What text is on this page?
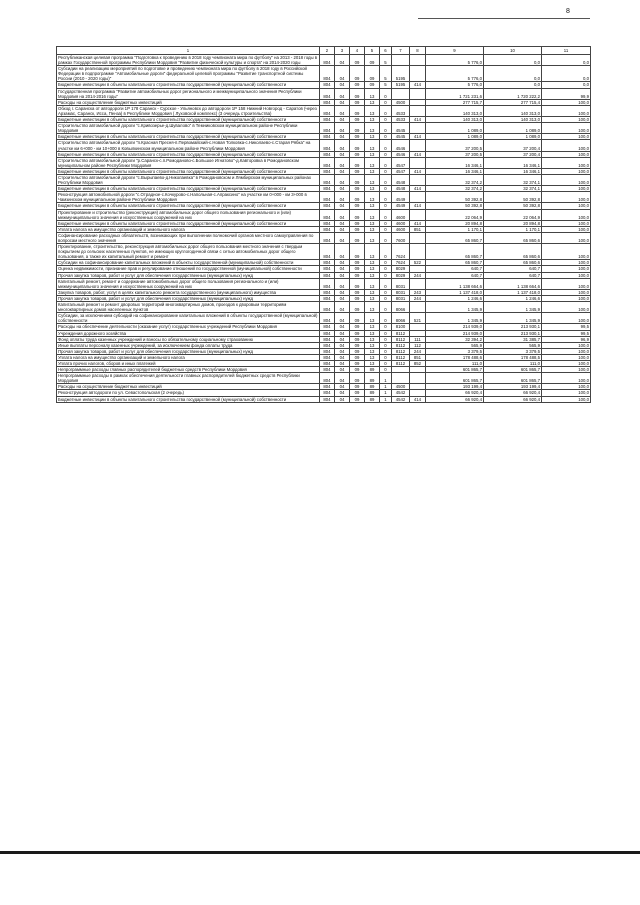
8
1	2	3	4	5	6	7	8	9	10	11
Республиканская целевая программа "Подготовка к проведению в 2018 году чемпионата мира по футболу" на 2013 - 2018 годы в рамках Государственной программы Республики Мордовия "Развитие физической культуры и спорта" на 2014-2020 годы	804	04	09	09	5			5 776,0	0,0	0,0
Субсидии на реализацию мероприятий по подготовке и проведению чемпионата мира по футболу в 2018 году в Российской Федерации в подпрограмме "Автомобильные дороги" федеральной целевой программы "Развитие транспортной системы России (2010 - 2020 годы)"	804	04	09	09	5	5195		5 776,0	0,0	0,0
Бюджетные инвестиции в объекты капитального строительства государственной (муниципальной) собственности	804	04	09	09	5	5195	414	5 776,0	0,0	0,0
Государственная программа "Развитие автомобильных дорог регионального и межмуниципального значения Республики Мордовия на 2014-2016 годы"	804	04	09	13	0			1 721 231,6	1 720 222,2	99,9
Расходы на осуществление бюджетных инвестиций	804	04	09	13	0	4500		277 715,7	277 715,4	100,0
Обход г. Саранска от автодороги 1Р 178 Саранск - Сурское - Ульяновск до автодороги 1Р 158 Нижний Новгород - Саратов (через Арзамас, Саранск, Исса, Пенза) в Республике Мордовия ( Луховской комплекс) (3 очередь строительства)	804	04	09	13	0	4533		140 313,0	140 313,0	100,0
Бюджетные инвестиции в объекты капитального строительства государственной (муниципальной) собственности	804	04	09	13	0	4533	414	140 313,0	140 313,0	100,0
Строительство автомобильной дороги "с.Кривозерье-д.Шувалово" в Темниковском муниципальном районе Республики Мордовия	804	04	09	13	0	4545		1 089,0	1 089,0	100,0
Бюджетные инвестиции в объекты капитального строительства государственной (муниципальной) собственности	804	04	09	13	0	4545	414	1 089,0	1 089,0	100,0
Строительство автомобильной дороги "п.Красная Пресня-п.Первомайский-с.Новая Толковка-с.Николаево-с.Старая Рябка" на участке км 6+000 - км 10+000 в Ковылкинском муниципальном районе Республики Мордовия	804	04	09	13	0	4546		37 200,5	37 200,4	100,0
Бюджетные инвестиции в объекты капитального строительства государственной (муниципальной) собственности	804	04	09	13	0	4546	414	37 200,5	37 200,4	100,0
Строительство автомобильной дороги "р.Саранск-с.п.Ромоданово-с.Большое Игнатово"-д.Кавторовка в Ромодановском муниципальном районе Республики Мордовия	804	04	09	13	0	4547		16 346,1	16 346,1	100,0
Бюджетные инвестиции в объекты капитального строительства государственной (муниципальной) собственности	804	04	09	13	0	4547	414	16 346,1	16 346,1	100,0
Строительство автомобильной дороги "с.Вырыпаево-д.Николаевка" в Ромодановском и Лямбирском муниципальных районах Республики Мордовия	804	04	09	13	0	4548		32 374,2	32 374,1	100,0
Бюджетные инвестиции в объекты капитального строительства государственной (муниципальной) собственности	804	04	09	13	0	4548	414	32 374,2	32 374,1	100,0
Реконструкция автомобильной дороги "с.Отрадное-с.Кочкурово-с.Напольная-с.Апраксино" на участке км 0+000 - км 3+000 в Чамзинском муниципальном районе Республики Мордовия	804	04	09	13	0	4549		50 392,8	50 392,8	100,0
Бюджетные инвестиции в объекты капитального строительства государственной (муниципальной) собственности	804	04	09	13	0	4549	414	50 392,8	50 392,8	100,0
Проектирование и строительство (реконструкция) автомобильных дорог общего пользования регионального и (или) межмуниципального значения и искусственных сооружений на них	804	04	09	13	0	4600		22 064,9	22 064,9	100,0
Бюджетные инвестиции в объекты капитального строительства государственной (муниципальной) собственности	804	04	09	13	0	4600	414	20 894,8	20 894,8	100,0
Уплата налога на имущество организаций и земельного налога	804	04	09	13	0	4600	851	1 170,1	1 170,1	100,0
Софинансирование расходных обязательств, возникающих при выполнении полномочий органов местного самоуправления по вопросам местного значения	804	04	09	13	0	7600		65 860,7	65 860,6	100,0
Проектирование, строительство, реконструкция автомобильных дорог общего пользования местного значения с твердым покрытием до сельских населенных пунктов, не имеющих круглогодичной связи с сетью автомобильных дорог общего пользования, а также их капитальный ремонт и ремонт	804	04	09	13	0	7624		65 860,7	65 860,6	100,0
Субсидии на софинансирование капитальных вложений в объекты государственной (муниципальной) собственности	804	04	09	13	0	7624	522	65 860,7	65 860,6	100,0
Оценка недвижимости, признание прав и регулирование отношений по государственной (муниципальной) собственности	804	04	09	13	0	8029		640,7	640,7	100,0
Прочая закупка товаров, работ и услуг для обеспечения государственных (муниципальных) нужд	804	04	09	13	0	8029	244	640,7	640,7	100,0
Капитальный ремонт, ремонт и содержание автомобильных дорог общего пользования регионального и (или) межмуниципального значения и искусственных сооружений на них	804	04	09	13	0	8031		1 138 664,6	1 138 664,6	100,0
Закупка товаров, работ, услуг в целях капитального ремонта государственного (муниципального) имущества	804	04	09	13	0	8031	243	1 137 418,0	1 137 418,0	100,0
Прочая закупка товаров, работ и услуг для обеспечения государственных (муниципальных) нужд	804	04	09	13	0	8031	244	1 246,6	1 246,6	100,0
Капитальный ремонт и ремонт дворовых территорий многоквартирных домов, проездов к дворовым территориям многоквартирных домов населенных пунктов	804	04	09	13	0	8066		1 345,9	1 345,9	100,0
Субсидии, за исключением субсидий на софинансирование капитальных вложений в объекты государственной (муниципальной) собственности	804	04	09	13	0	8066	521	1 345,9	1 345,9	100,0
Расходы на обеспечение деятельности (оказание услуг) государственных учреждений Республики Мордовия	804	04	09	13	0	8100		214 939,0	213 930,1	99,5
Учреждения дорожного хозяйства	804	04	09	13	0	8112		214 939,0	213 930,1	99,5
Фонд оплаты труда казенных учреждений и взносы по обязательному социальному страхованию	804	04	09	13	0	8112	111	32 394,2	31 385,7	96,9
Иные выплаты персоналу казенных учреждений, за исключением фонда оплаты труда	804	04	09	13	0	8112	112	565,9	565,9	100,0
Прочая закупка товаров, работ и услуг для обеспечения государственных (муниципальных) нужд	804	04	09	13	0	8112	244	3 379,5	3 379,5	100,0
Уплата налога на имущество организаций и земельного налога	804	04	09	13	0	8112	851	178 488,6	178 488,5	100,0
Уплата прочих налогов, сборов и иных платежей	804	04	09	13	0	8112	852	111,0	111,0	100,0
Непрограммные расходы главных распорядителей бюджетных средств Республики Мордовия	804	04	09	89	0			601 865,7	601 865,7	100,0
Непрограммные расходы в рамках обеспечения деятельности главных распорядителей бюджетных средств Республики Мордовия	804	04	09	89	1			601 865,7	601 865,7	100,0
Расходы на осуществление бюджетных инвестиций	804	04	09	89	1	4500		193 199,4	193 199,4	100,0
Реконструкция автодороги по ул. Севастопольская (2 очередь)	804	04	09	89	1	4542		66 920,4	66 920,4	100,0
Бюджетные инвестиции в объекты капитального строительства государственной (муниципальной) собственности	804	04	09	89	1	4542	414	66 920,4	66 920,4	100,0
